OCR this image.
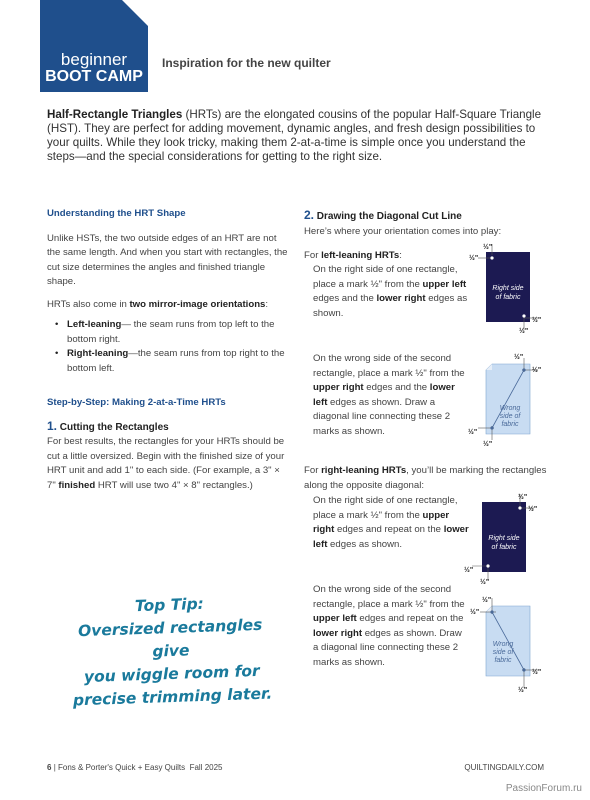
beginner
BOOT CAMP
Inspiration for the new quilter
Half-Rectangle Triangles (HRTs) are the elongated cousins of the popular Half-Square Triangle (HST). They are perfect for adding movement, dynamic angles, and fresh design possibilities to your quilts. While they look tricky, making them 2-at-a-time is simple once you understand the steps—and the special considerations for getting to the right size.
Understanding the HRT Shape
Unlike HSTs, the two outside edges of an HRT are not the same length. And when you start with rectangles, the cut size determines the angles and finished triangle shape.
HRTs also come in two mirror-image orientations:
• Left-leaning— the seam runs from top left to the bottom right.
• Right-leaning—the seam runs from top right to the bottom left.
Step-by-Step: Making 2-at-a-Time HRTs
1. Cutting the Rectangles
For best results, the rectangles for your HRTs should be cut a little oversized. Begin with the finished size of your HRT unit and add 1" to each side. (For example, a 3" × 7" finished HRT will use two 4" × 8" rectangles.)
Top Tip:
Oversized rectangles give
you wiggle room for
precise trimming later.
2. Drawing the Diagonal Cut Line
Here’s where your orientation comes into play:
For left-leaning HRTs:
On the right side of one rectangle, place a mark ½" from the upper left edges and the lower right edges as shown.
On the wrong side of the second rectangle, place a mark ½" from the upper right edges and the lower left edges as shown. Draw a diagonal line connecting these 2 marks as shown.
For right-leaning HRTs, you’ll be marking the rectangles along the opposite diagonal:
On the right side of one rectangle, place a mark ½" from the upper right edges and repeat on the lower left edges as shown.
On the wrong side of the second rectangle, place a mark ½" from the upper left edges and repeat on the lower right edges as shown. Draw a diagonal line connecting these 2 marks as shown.
½"
½"
½"
½"
Right side
of fabric
½"
½"
½"
½"
Wrong
side of
fabric
½"
½"
½"
½"
Right side
of fabric
½"
½"
½"
½"
Wrong
side of
fabric
6 | Fons & Porter's Quick + Easy Quilts Fall 2025	QUILTINGDAILY.COM
PassionForum.ru
